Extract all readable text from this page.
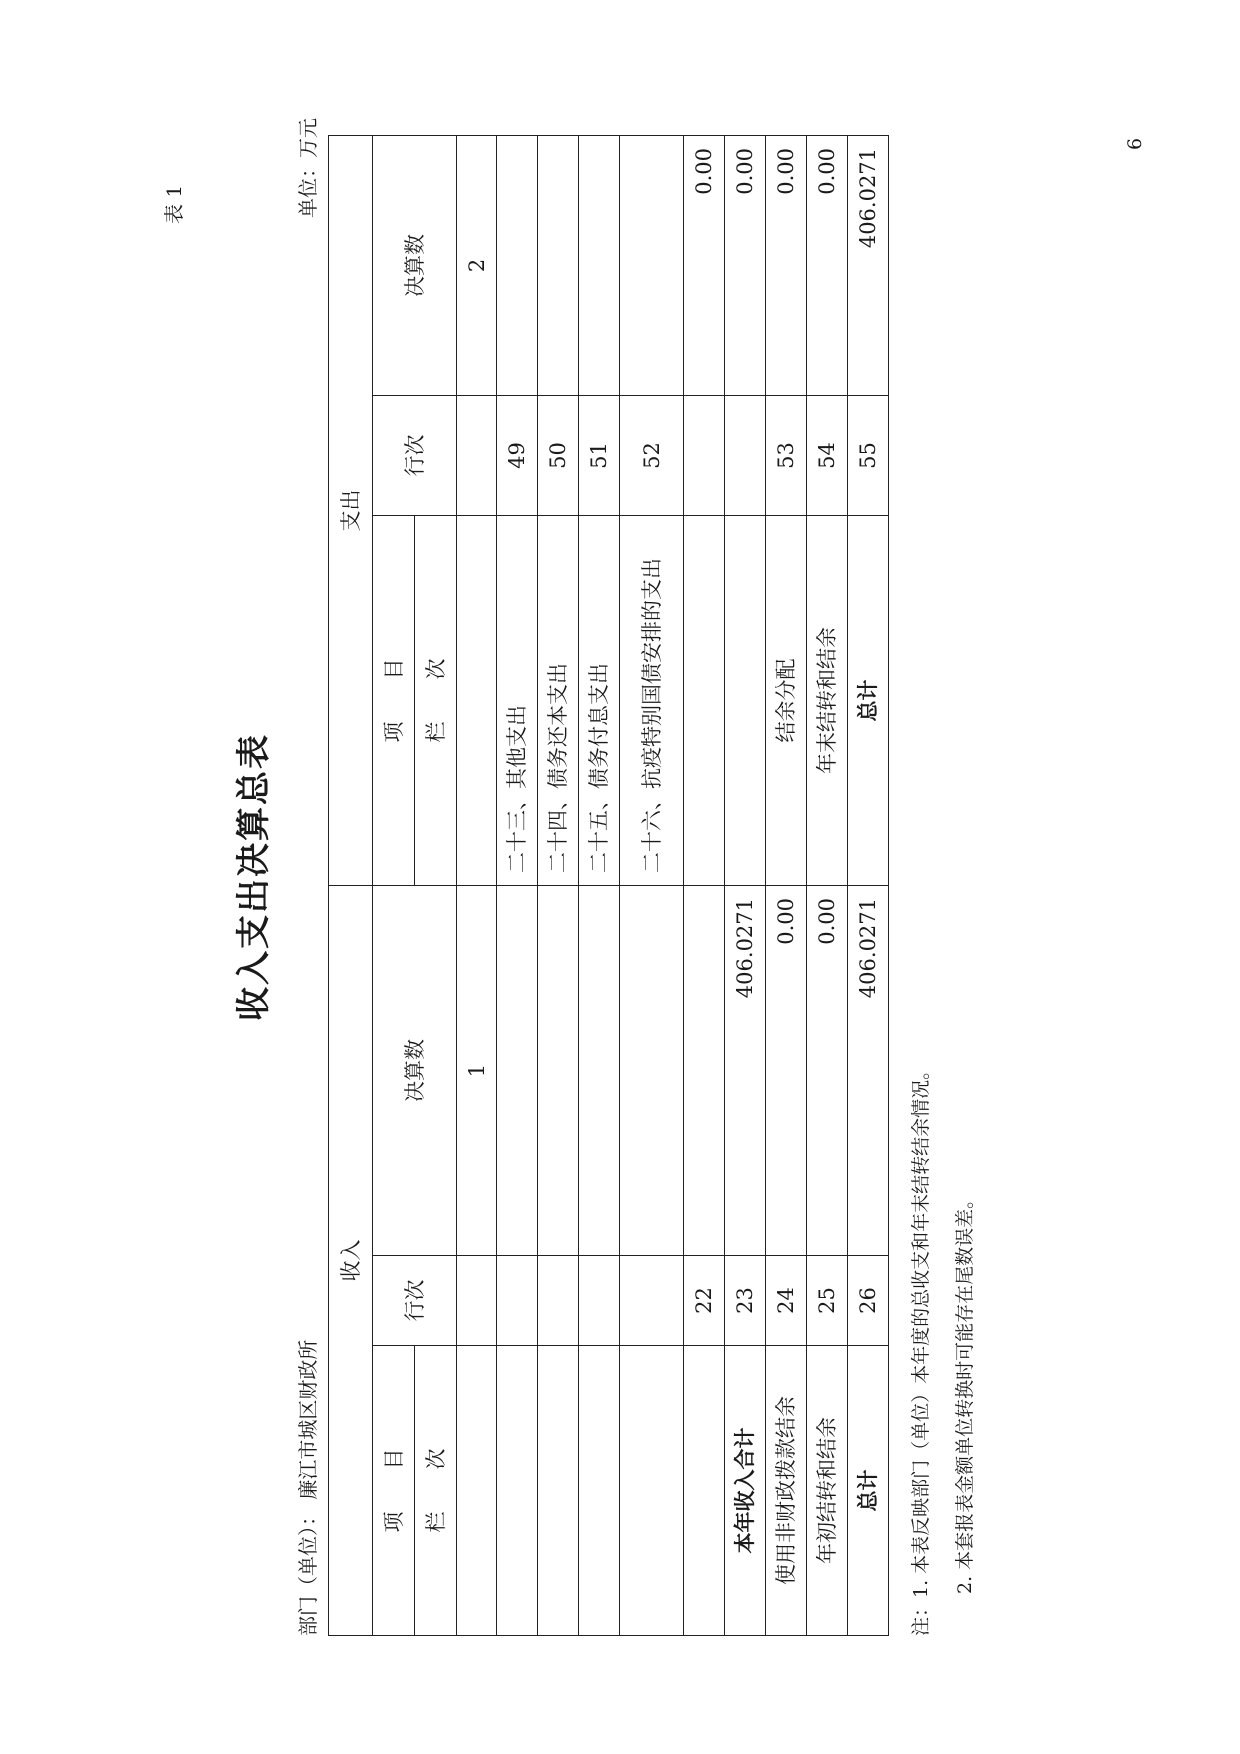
表 1
收入支出决算总表
部门（单位）： 廉江市城区财政所
单位：万元
收入			支出		
项　　目	行次	决算数	项　　目	行次	决算数
栏　　次			栏　　次		
		1			2
			二十三、其他支出	49	
			二十四、债务还本支出	50	
			二十五、债务付息支出	51	
			二十六、抗疫特别国债安排的支出	52	
	22				0.00
本年收入合计	23	406.0271			0.00
使用非财政拨款结余	24	0.00	结余分配	53	0.00
年初结转和结余	25	0.00	年末结转和结余	54	0.00
总计	26	406.0271	总计	55	406.0271
注：1. 本表反映部门（单位）本年度的总收支和年末结转结余情况。 2. 本套报表金额单位转换时可能存在尾数误差。
6
